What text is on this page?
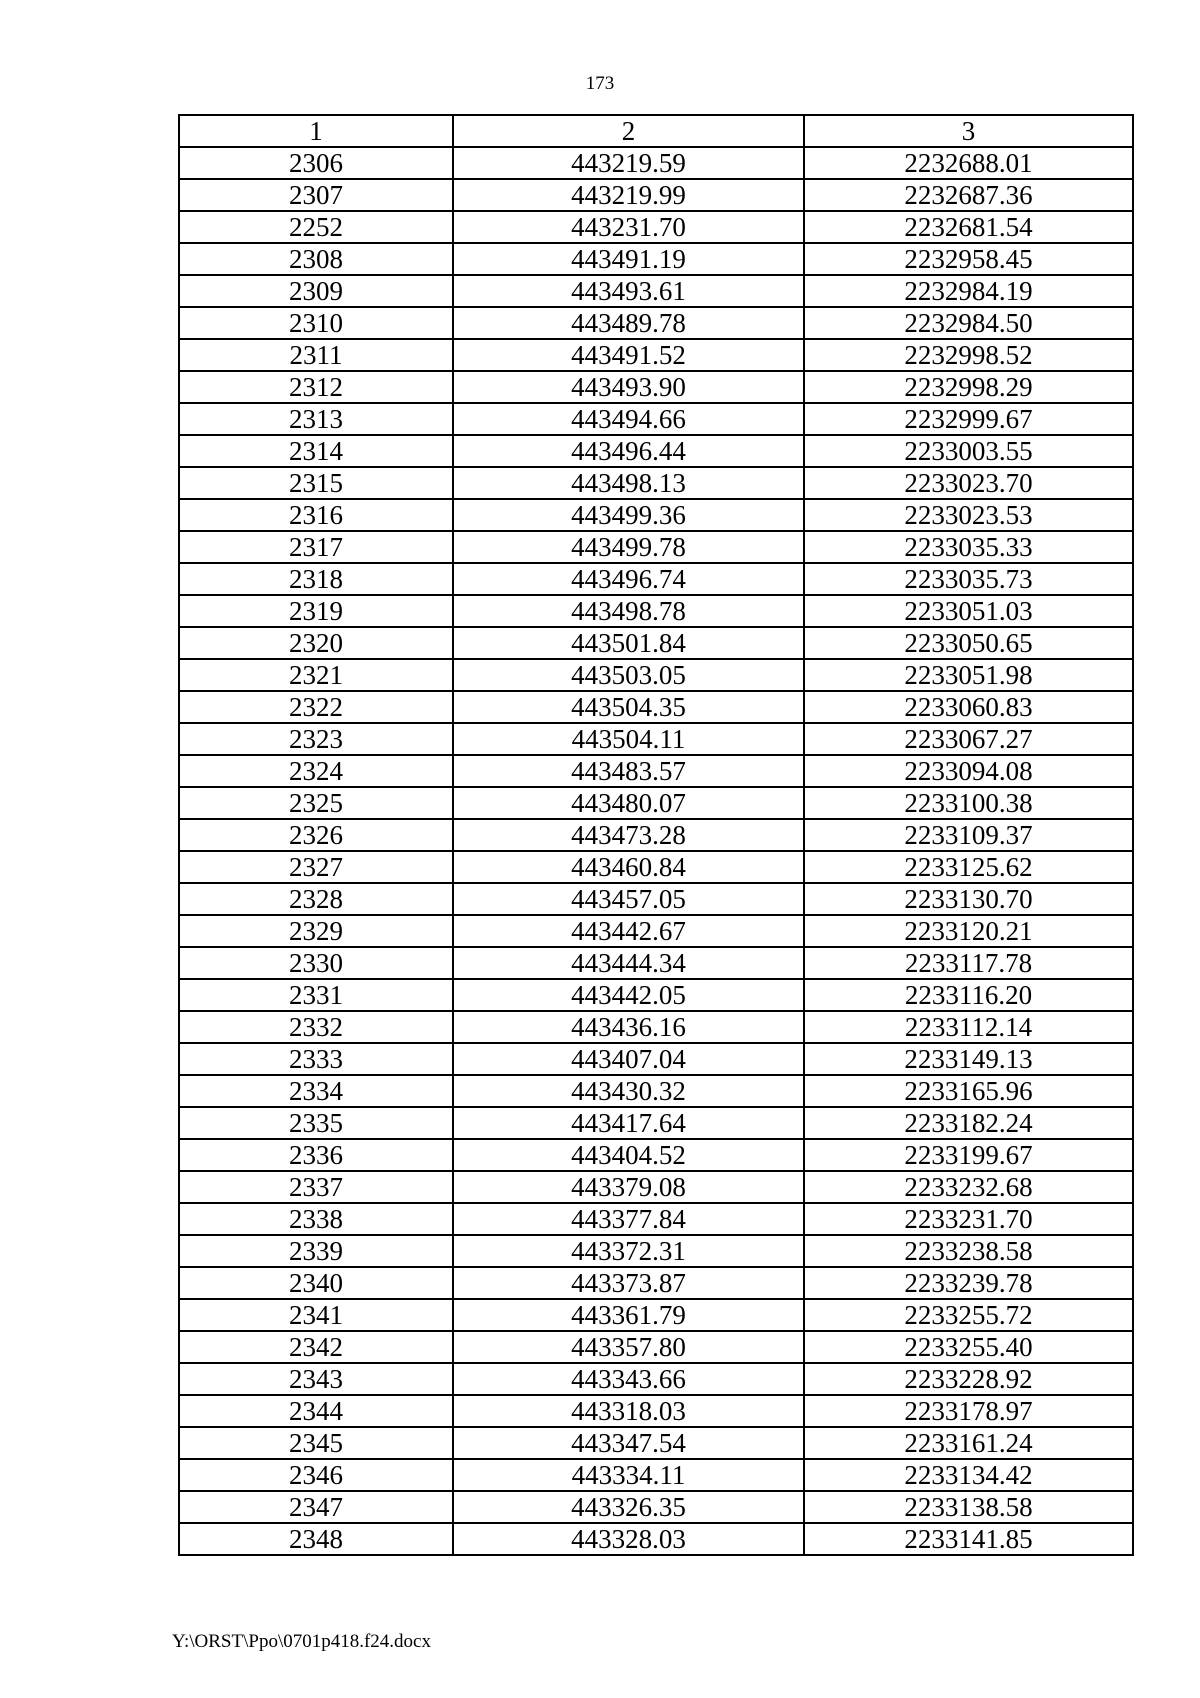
173
1	2	3
2306	443219.59	2232688.01
2307	443219.99	2232687.36
2252	443231.70	2232681.54
2308	443491.19	2232958.45
2309	443493.61	2232984.19
2310	443489.78	2232984.50
2311	443491.52	2232998.52
2312	443493.90	2232998.29
2313	443494.66	2232999.67
2314	443496.44	2233003.55
2315	443498.13	2233023.70
2316	443499.36	2233023.53
2317	443499.78	2233035.33
2318	443496.74	2233035.73
2319	443498.78	2233051.03
2320	443501.84	2233050.65
2321	443503.05	2233051.98
2322	443504.35	2233060.83
2323	443504.11	2233067.27
2324	443483.57	2233094.08
2325	443480.07	2233100.38
2326	443473.28	2233109.37
2327	443460.84	2233125.62
2328	443457.05	2233130.70
2329	443442.67	2233120.21
2330	443444.34	2233117.78
2331	443442.05	2233116.20
2332	443436.16	2233112.14
2333	443407.04	2233149.13
2334	443430.32	2233165.96
2335	443417.64	2233182.24
2336	443404.52	2233199.67
2337	443379.08	2233232.68
2338	443377.84	2233231.70
2339	443372.31	2233238.58
2340	443373.87	2233239.78
2341	443361.79	2233255.72
2342	443357.80	2233255.40
2343	443343.66	2233228.92
2344	443318.03	2233178.97
2345	443347.54	2233161.24
2346	443334.11	2233134.42
2347	443326.35	2233138.58
2348	443328.03	2233141.85
Y:\ORST\Ppo\0701p418.f24.docx
